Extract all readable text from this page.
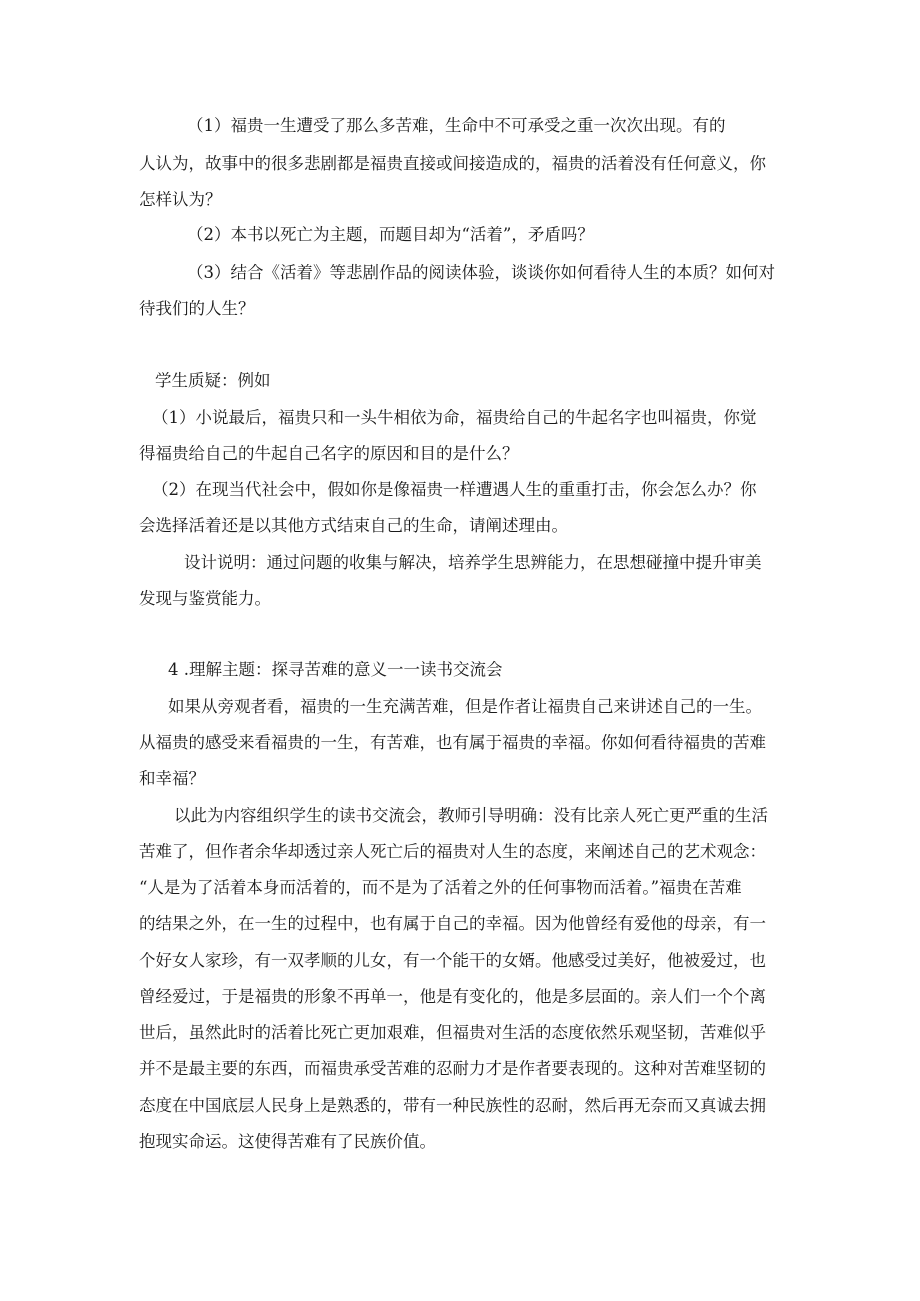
（1）福贵一生遭受了那么多苦难，生命中不可承受之重一次次出现。有的
人认为，故事中的很多悲剧都是福贵直接或间接造成的，福贵的活着没有任何意义，你
怎样认为？
（2）本书以死亡为主题，而题目却为“活着”，矛盾吗？
（3）结合《活着》等悲剧作品的阅读体验，谈谈你如何看待人生的本质？如何对
待我们的人生？
学生质疑：例如
（1）小说最后，福贵只和一头牛相依为命，福贵给自己的牛起名字也叫福贵，你觉
得福贵给自己的牛起自己名字的原因和目的是什么？
（2）在现当代社会中，假如你是像福贵一样遭遇人生的重重打击，你会怎么办？你
会选择活着还是以其他方式结束自己的生命，请阐述理由。
设计说明：通过问题的收集与解决，培养学生思辨能力，在思想碰撞中提升审美
发现与鉴赏能力。
4 .理解主题：探寻苦难的意义一一读书交流会
如果从旁观者看，福贵的一生充满苦难，但是作者让福贵自己来讲述自己的一生。
从福贵的感受来看福贵的一生，有苦难，也有属于福贵的幸福。你如何看待福贵的苦难
和幸福？
以此为内容组织学生的读书交流会，教师引导明确：没有比亲人死亡更严重的生活
苦难了，但作者余华却透过亲人死亡后的福贵对人生的态度，来阐述自己的艺术观念：
“人是为了活着本身而活着的，而不是为了活着之外的任何事物而活着。”福贵在苦难
的结果之外，在一生的过程中，也有属于自己的幸福。因为他曾经有爱他的母亲，有一
个好女人家珍，有一双孝顺的儿女，有一个能干的女婿。他感受过美好，他被爱过，也
曾经爱过，于是福贵的形象不再单一，他是有变化的，他是多层面的。亲人们一个个离
世后，虽然此时的活着比死亡更加艰难，但福贵对生活的态度依然乐观坚韧，苦难似乎
并不是最主要的东西，而福贵承受苦难的忍耐力才是作者要表现的。这种对苦难坚韧的
态度在中国底层人民身上是熟悉的，带有一种民族性的忍耐，然后再无奈而又真诚去拥
抱现实命运。这使得苦难有了民族价值。
